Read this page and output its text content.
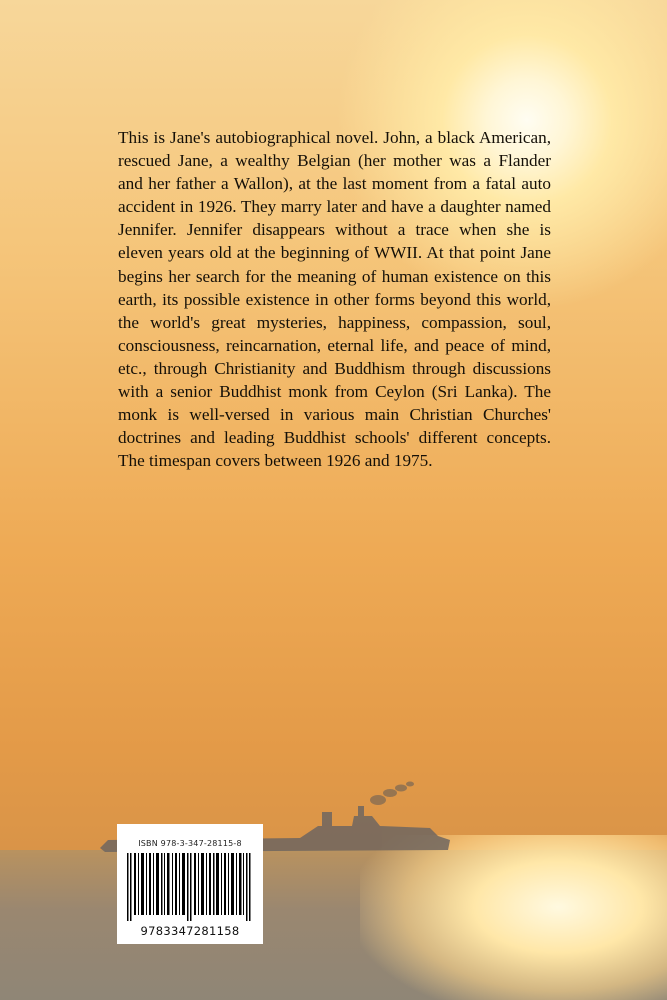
This is Jane's autobiographical novel. John, a black American, rescued Jane, a wealthy Belgian (her mother was a Flander and her father a Wallon), at the last moment from a fatal auto accident in 1926. They marry later and have a daughter named Jennifer. Jennifer disappears without a trace when she is eleven years old at the beginning of WWII. At that point Jane begins her search for the meaning of human existence on this earth, its possible existence in other forms beyond this world, the world's great mysteries, happiness, compassion, soul, consciousness, reincarnation, eternal life, and peace of mind, etc., through Christianity and Buddhism through discussions with a senior Buddhist monk from Ceylon (Sri Lanka). The monk is well-versed in various main Christian Churches' doctrines and leading Buddhist schools' different concepts. The timespan covers between 1926 and 1975.

ISBN 978-3-347-28115-8
9783347281158
